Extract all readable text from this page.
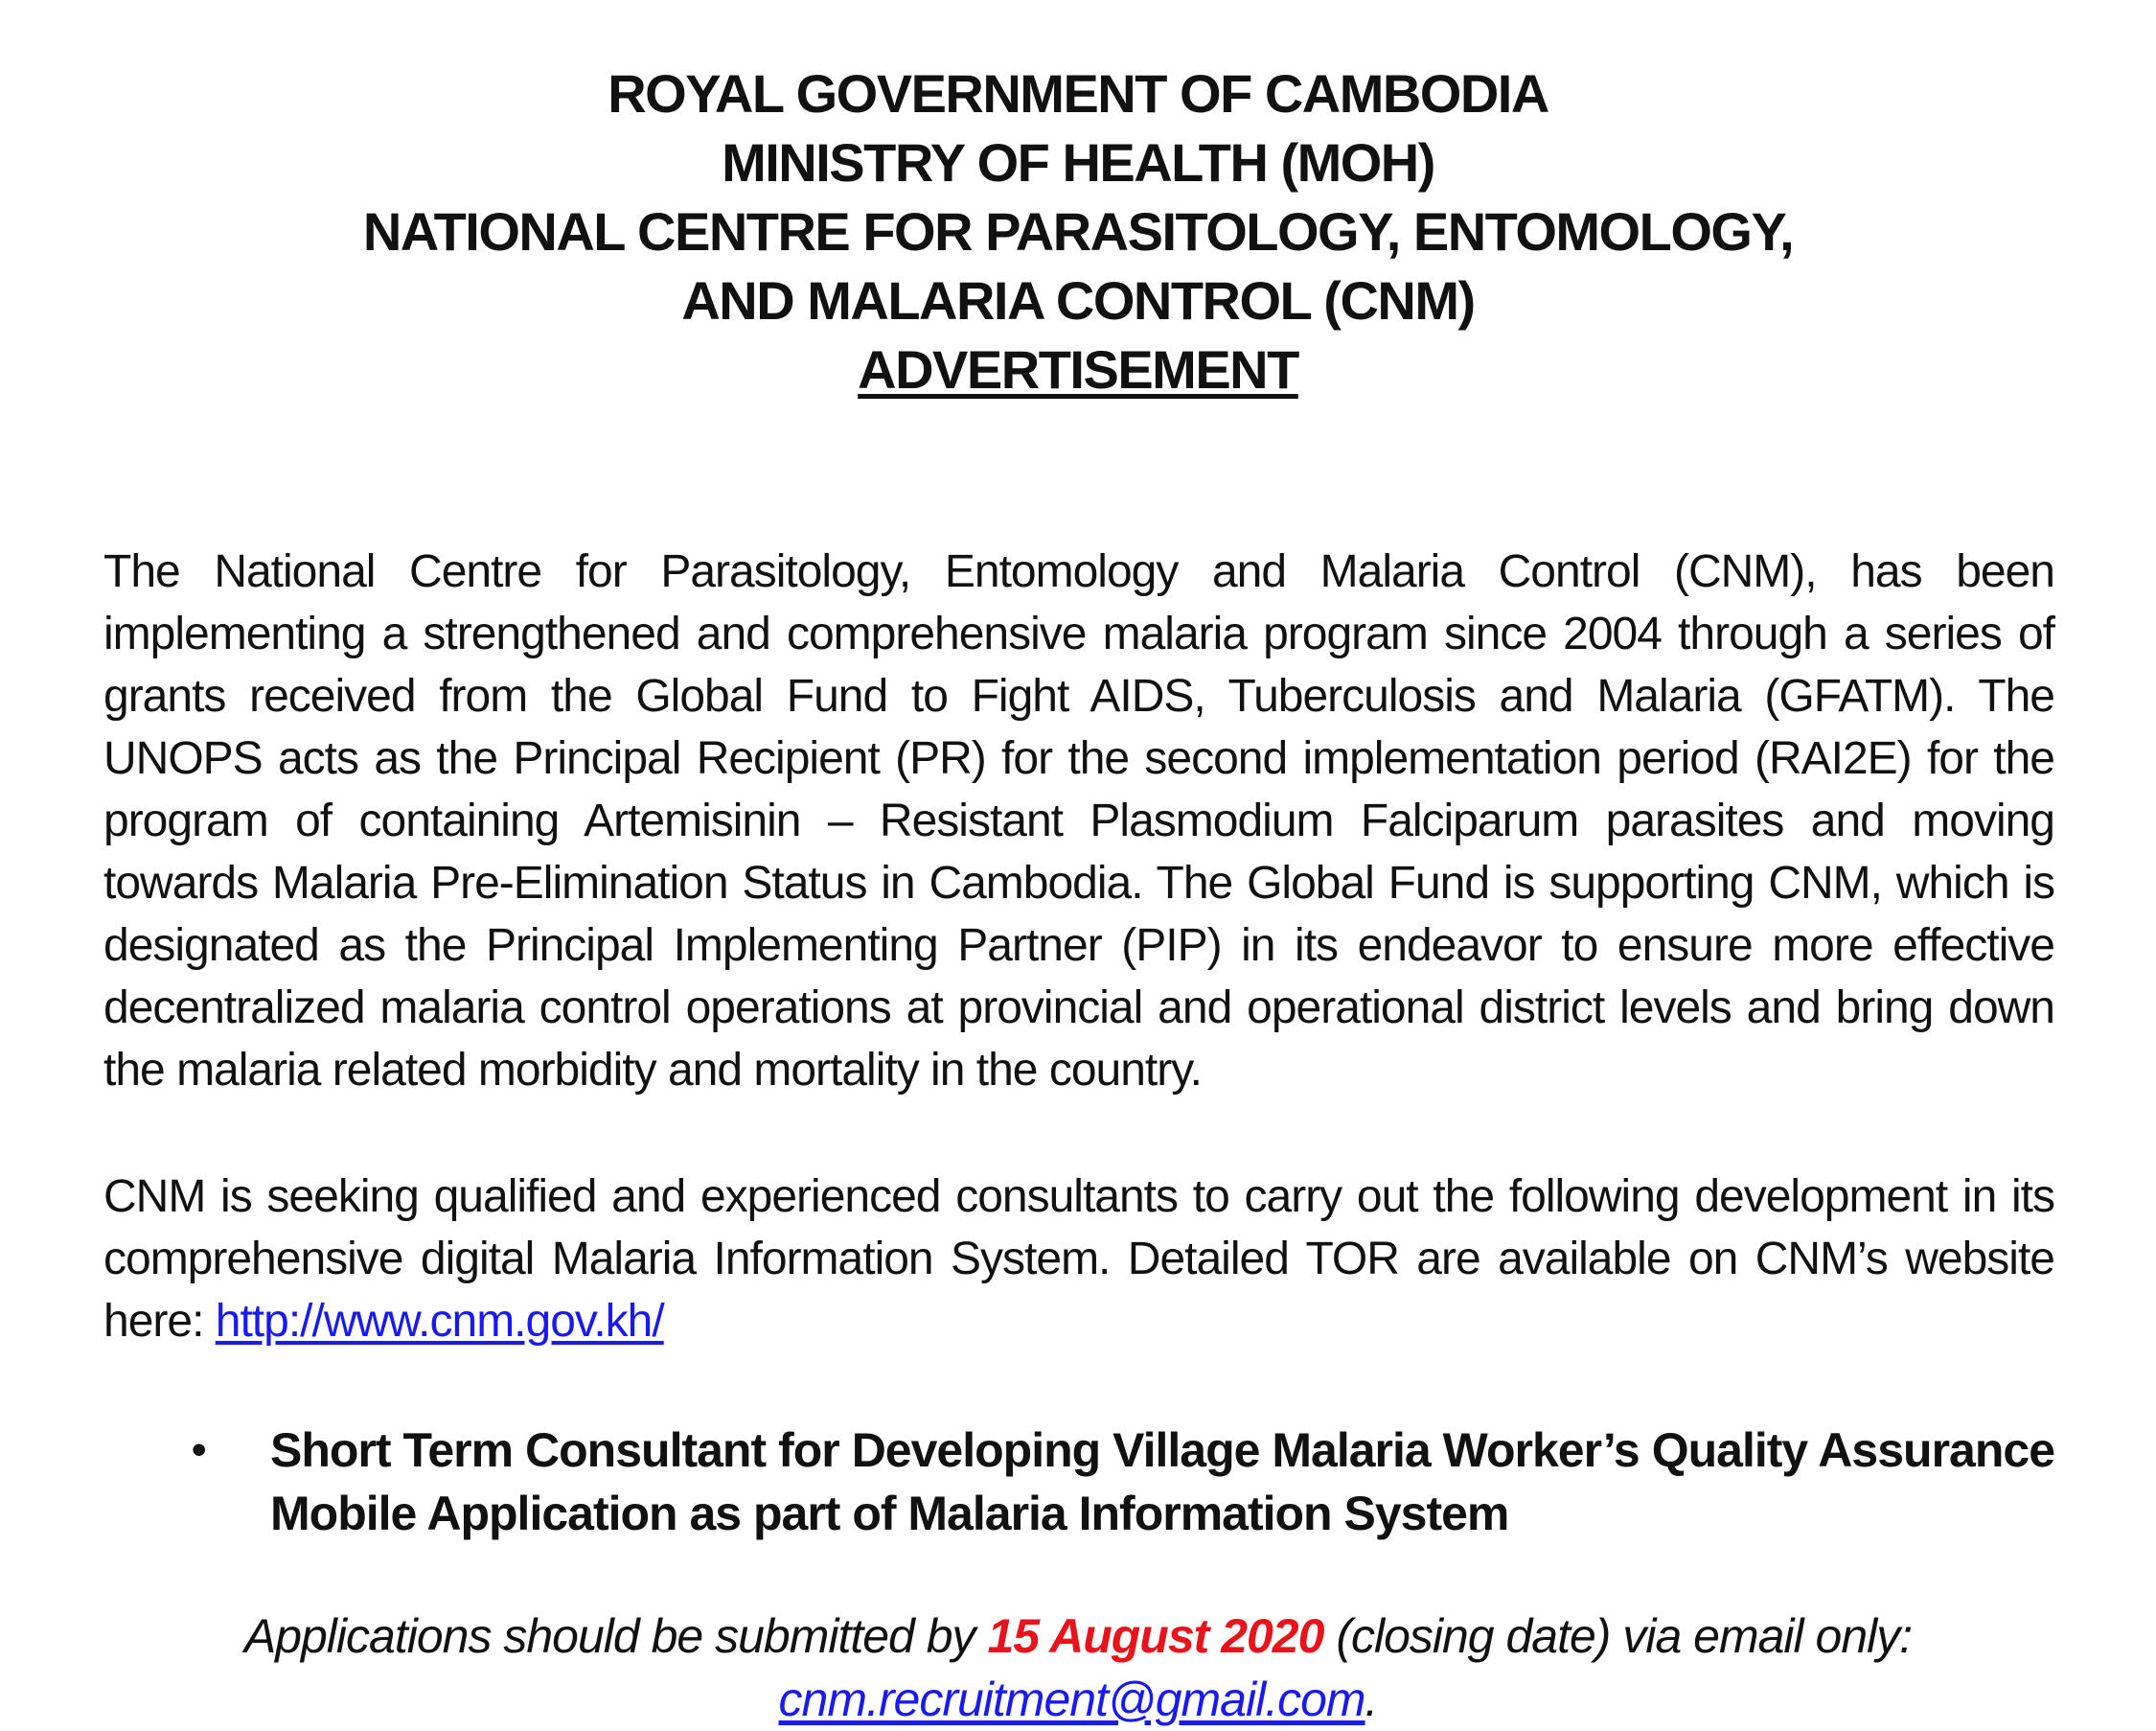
ROYAL GOVERNMENT OF CAMBODIA
MINISTRY OF HEALTH (MOH)
NATIONAL CENTRE FOR PARASITOLOGY, ENTOMOLOGY,
AND MALARIA CONTROL (CNM)
ADVERTISEMENT
The National Centre for Parasitology, Entomology and Malaria Control (CNM), has been implementing a strengthened and comprehensive malaria program since 2004 through a series of grants received from the Global Fund to Fight AIDS, Tuberculosis and Malaria (GFATM). The UNOPS acts as the Principal Recipient (PR) for the second implementation period (RAI2E) for the program of containing Artemisinin – Resistant Plasmodium Falciparum parasites and moving towards Malaria Pre-Elimination Status in Cambodia. The Global Fund is supporting CNM, which is designated as the Principal Implementing Partner (PIP) in its endeavor to ensure more effective decentralized malaria control operations at provincial and operational district levels and bring down the malaria related morbidity and mortality in the country.
CNM is seeking qualified and experienced consultants to carry out the following development in its comprehensive digital Malaria Information System. Detailed TOR are available on CNM’s website here: http://www.cnm.gov.kh/
•	Short Term Consultant for Developing Village Malaria Worker’s Quality Assurance Mobile Application as part of Malaria Information System
Applications should be submitted by 15 August 2020 (closing date) via email only:
cnm.recruitment@gmail.com.
